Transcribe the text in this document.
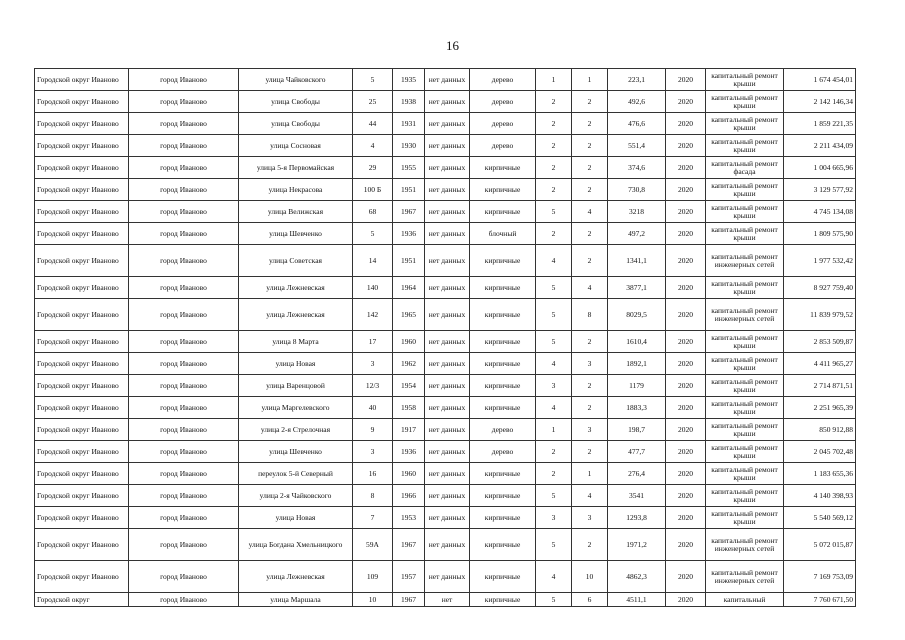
16
Городской округ Иваново	город Иваново	улица Чайковского	5	1935	нет данных	дерево	1	1	223,1	2020	капитальный ремонт крыши	1 674 454,01
Городской округ Иваново	город Иваново	улица Свободы	25	1938	нет данных	дерево	2	2	492,6	2020	капитальный ремонт крыши	2 142 146,34
Городской округ Иваново	город Иваново	улица Свободы	44	1931	нет данных	дерево	2	2	476,6	2020	капитальный ремонт крыши	1 859 221,35
Городской округ Иваново	город Иваново	улица Сосновая	4	1930	нет данных	дерево	2	2	551,4	2020	капитальный ремонт крыши	2 211 434,09
Городской округ Иваново	город Иваново	улица 5-я Первомайская	29	1955	нет данных	кирпичные	2	2	374,6	2020	капитальный ремонт фасада	1 004 665,96
Городской округ Иваново	город Иваново	улица Некрасова	100 Б	1951	нет данных	кирпичные	2	2	730,8	2020	капитальный ремонт крыши	3 129 577,92
Городской округ Иваново	город Иваново	улица Велижская	68	1967	нет данных	кирпичные	5	4	3218	2020	капитальный ремонт крыши	4 745 134,08
Городской округ Иваново	город Иваново	улица Шевченко	5	1936	нет данных	блочный	2	2	497,2	2020	капитальный ремонт крыши	1 809 575,90
Городской округ Иваново	город Иваново	улица Советская	14	1951	нет данных	кирпичные	4	2	1341,1	2020	капитальный ремонт инженерных сетей	1 977 532,42
Городской округ Иваново	город Иваново	улица Лежневская	140	1964	нет данных	кирпичные	5	4	3877,1	2020	капитальный ремонт крыши	8 927 759,40
Городской округ Иваново	город Иваново	улица Лежневская	142	1965	нет данных	кирпичные	5	8	8029,5	2020	капитальный ремонт инженерных сетей	11 839 979,52
Городской округ Иваново	город Иваново	улица 8 Марта	17	1960	нет данных	кирпичные	5	2	1610,4	2020	капитальный ремонт крыши	2 853 509,87
Городской округ Иваново	город Иваново	улица Новая	3	1962	нет данных	кирпичные	4	3	1892,1	2020	капитальный ремонт крыши	4 411 965,27
Городской округ Иваново	город Иваново	улица Варенцовой	12/3	1954	нет данных	кирпичные	3	2	1179	2020	капитальный ремонт крыши	2 714 871,51
Городской округ Иваново	город Иваново	улица Маргелевского	40	1958	нет данных	кирпичные	4	2	1883,3	2020	капитальный ремонт крыши	2 251 965,39
Городской округ Иваново	город Иваново	улица 2-я Стрелочная	9	1917	нет данных	дерево	1	3	198,7	2020	капитальный ремонт крыши	850 912,88
Городской округ Иваново	город Иваново	улица Шевченко	3	1936	нет данных	дерево	2	2	477,7	2020	капитальный ремонт крыши	2 045 702,48
Городской округ Иваново	город Иваново	переулок 5-й Северный	16	1960	нет данных	кирпичные	2	1	276,4	2020	капитальный ремонт крыши	1 183 655,36
Городской округ Иваново	город Иваново	улица 2-я Чайковского	8	1966	нет данных	кирпичные	5	4	3541	2020	капитальный ремонт крыши	4 140 398,93
Городской округ Иваново	город Иваново	улица Новая	7	1953	нет данных	кирпичные	3	3	1293,8	2020	капитальный ремонт крыши	5 540 569,12
Городской округ Иваново	город Иваново	улица Богдана Хмельницкого	59А	1967	нет данных	кирпичные	5	2	1971,2	2020	капитальный ремонт инженерных сетей	5 072 015,87
Городской округ Иваново	город Иваново	улица Лежневская	109	1957	нет данных	кирпичные	4	10	4862,3	2020	капитальный ремонт инженерных сетей	7 169 753,09
Городской округ	город Иваново	улица Маршала	10	1967	нет	кирпичные	5	6	4511,1	2020	капитальный	7 760 671,50
